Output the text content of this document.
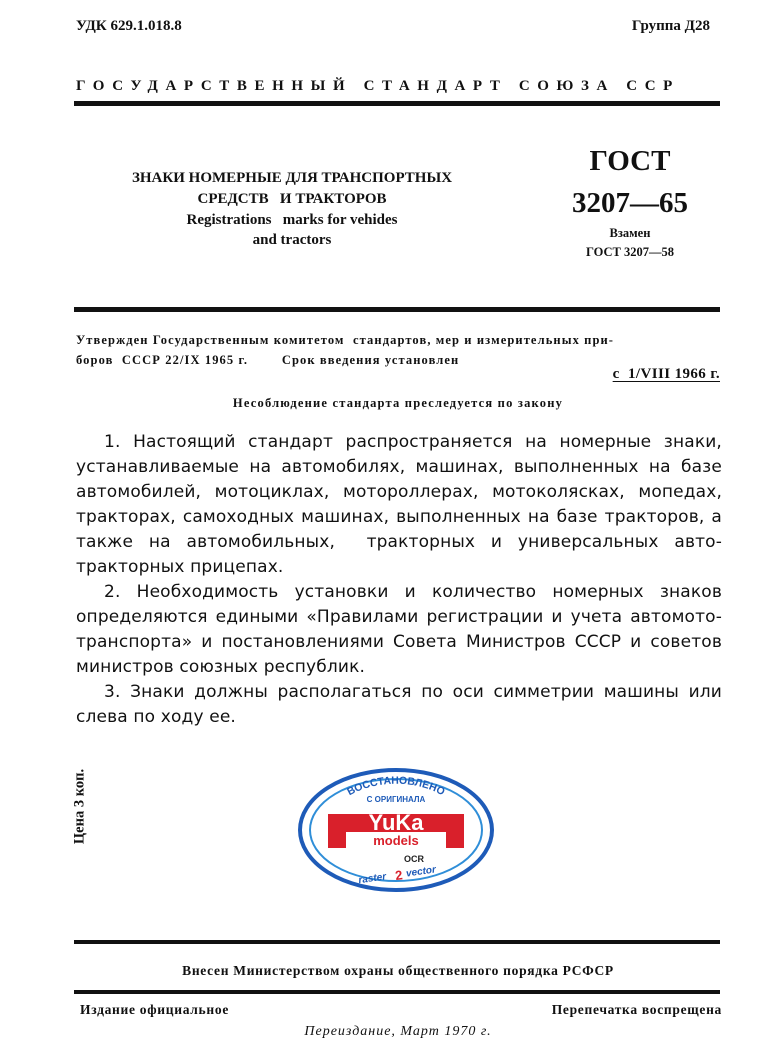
УДК 629.1.018.8	Группа Д28
ГОСУДАРСТВЕННЫЙ СТАНДАРТ СОЮЗА ССР
ЗНАКИ НОМЕРНЫЕ ДЛЯ ТРАНСПОРТНЫХ
СРЕДСТВ   И ТРАКТОРОВ
Registrations   marks for vehides
and tractors
ГОСТ
3207—65
Взамен
ГОСТ 3207—58
Утвержден Государственным комитетом  стандартов, мер и измерительных при-
боров  СССР 22/IX 1965 г.        Срок введения установлен
с  1/VIII 1966 г.
Несоблюдение стандарта преследуется по закону

1. Настоящий стандарт распространяется на номерные знаки, устанавливаемые на автомобилях, машинах, выполненных на базе автомобилей, мотоциклах, мотороллерах, мотоколясках, мопедах, тракторах, самоходных машинах, выполненных на базе тракторов, а также на автомобильных,  тракторных и универсальных авто-тракторных прицепах.

2. Необходимость установки и количество номерных знаков определяются едиными «Правилами регистрации и учета автомото-транспорта» и постановлениями Совета Министров СССР и советов министров союзных республик.

3. Знаки должны располагаться по оси симметрии машины или слева по ходу ее.

Цена 3 коп.	ВОССТАНОВЛЕНО
С ОРИГИНАЛА
YuKa
models
OCR
raster 2 vector
Внесен Министерством охраны общественного порядка РСФСР
Издание официальное	Перепечатка воспрещена
Переиздание, Март 1970 г.
